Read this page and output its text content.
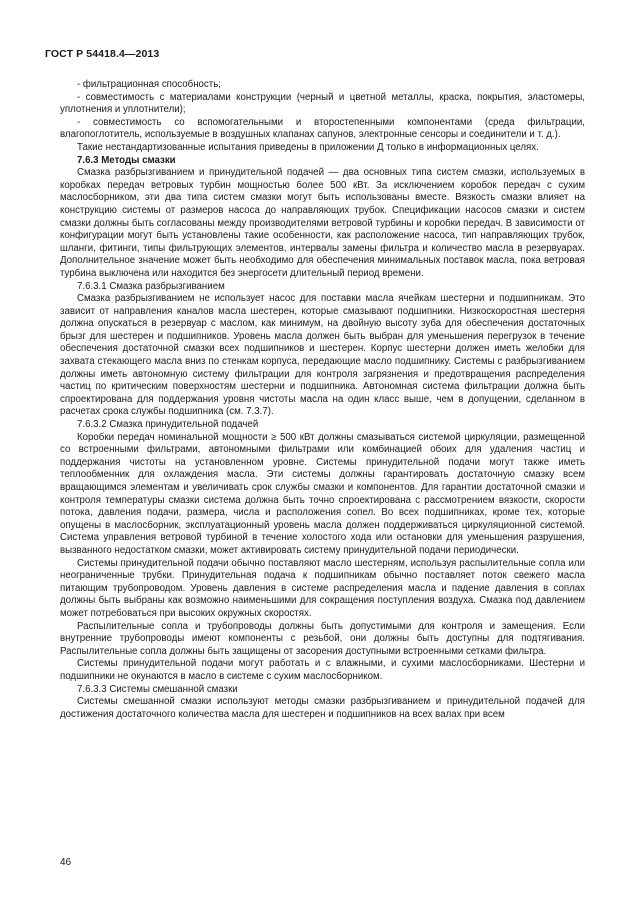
ГОСТ Р 54418.4—2013

- фильтрационная способность;

- совместимость с материалами конструкции (черный и цветной металлы, краска, покрытия, эластомеры, уплотнения и уплотнители);

- совместимость со вспомогательными и второстепенными компонентами (среда фильтрации, влагопоглотитель, используемые в воздушных клапанах сапунов, электронные сенсоры и соединители и т. д.).

Такие нестандартизованные испытания приведены в приложении Д только в информационных целях.

7.6.3 Методы смазки

Смазка разбрызгиванием и принудительной подачей — два основных типа систем смазки, используемых в коробках передач ветровых турбин мощностью более 500 кВт. За исключением коробок передач с сухим маслосборником, эти два типа систем смазки могут быть использованы вместе. Вязкость смазки влияет на конструкцию системы от размеров насоса до направляющих трубок. Спецификации насосов смазки и систем смазки должны быть согласованы между производителями ветровой турбины и коробки передач. В зависимости от конфигурации могут быть установлены такие особенности, как расположение насоса, тип направляющих трубок, шланги, фитинги, типы фильтрующих элементов, интервалы замены фильтра и количество масла в резервуарах. Дополнительное значение может быть необходимо для обеспечения минимальных поставок масла, пока ветровая турбина выключена или находится без энергосети длительный период времени.

7.6.3.1 Смазка разбрызгиванием

Смазка разбрызгиванием не использует насос для поставки масла ячейкам шестерни и подшипникам. Это зависит от направления каналов масла шестерен, которые смазывают подшипники. Низкоскоростная шестерня должна опускаться в резервуар с маслом, как минимум, на двойную высоту зуба для обеспечения достаточных брызг для шестерен и подшипников. Уровень масла должен быть выбран для уменьшения перегрузок в течение обеспечения достаточной смазки всех подшипников и шестерен. Корпус шестерни должен иметь желобки для захвата стекающего масла вниз по стенкам корпуса, передающие масло подшипнику. Системы с разбрызгиванием должны иметь автономную систему фильтрации для контроля загрязнения и предотвращения распределения частиц по критическим поверхностям шестерни и подшипника. Автономная система фильтрации должна быть спроектирована для поддержания уровня чистоты масла на один класс выше, чем в допущении, сделанном в расчетах срока службы подшипника (см. 7.3.7).

7.6.3.2 Смазка принудительной подачей

Коробки передач номинальной мощности ≥ 500 кВт должны смазываться системой циркуляции, размещенной со встроенными фильтрами, автономными фильтрами или комбинацией обоих для удаления частиц и поддержания чистоты на установленном уровне. Системы принудительной подачи могут также иметь теплообменник для охлаждения масла. Эти системы должны гарантировать достаточную смазку всем вращающимся элементам и увеличивать срок службы смазки и компонентов. Для гарантии достаточной смазки и контроля температуры смазки система должна быть точно спроектирована с рассмотрением вязкости, скорости потока, давления подачи, размера, числа и расположения сопел. Во всех подшипниках, кроме тех, которые опущены в маслосборник, эксплуатационный уровень масла должен поддерживаться циркуляционной системой. Система управления ветровой турбиной в течение холостого хода или остановки для уменьшения разрушения, вызванного недостатком смазки, может активировать систему принудительной подачи периодически.

Системы принудительной подачи обычно поставляют масло шестерням, используя распылительные сопла или неограниченные трубки. Принудительная подача к подшипникам обычно поставляет поток свежего масла питающим трубопроводом. Уровень давления в системе распределения масла и падение давления в соплах должны быть выбраны как возможно наименьшими для сокращения поступления воздуха. Смазка под давлением может потребоваться при высоких окружных скоростях.

Распылительные сопла и трубопроводы должны быть допустимыми для контроля и замещения. Если внутренние трубопроводы имеют компоненты с резьбой, они должны быть доступны для подтягивания. Распылительные сопла должны быть защищены от засорения доступными встроенными сетками фильтра.

Системы принудительной подачи могут работать и с влажными, и сухими маслосборниками. Шестерни и подшипники не окунаются в масло в системе с сухим маслосборником.

7.6.3.3 Системы смешанной смазки

Системы смешанной смазки используют методы смазки разбрызгиванием и принудительной подачей для достижения достаточного количества масла для шестерен и подшипников на всех валах при всем

46
